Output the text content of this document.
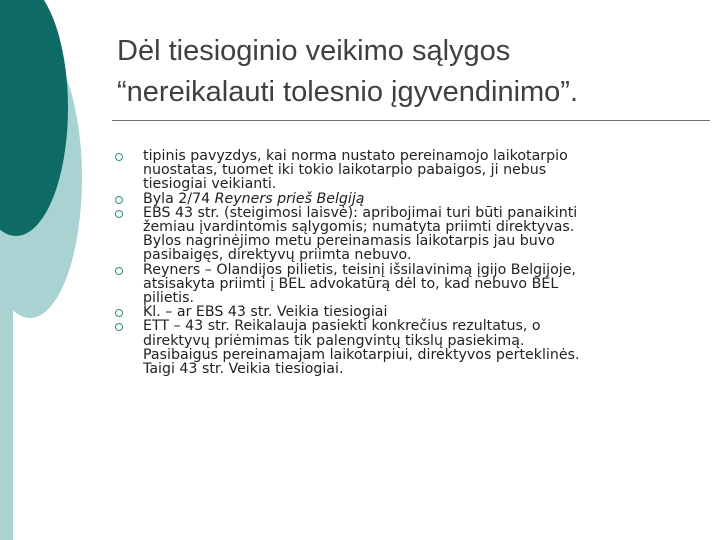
Dėl tiesioginio veikimo sąlygos
“nereikalauti tolesnio įgyvendinimo”.
tipinis pavyzdys, kai norma nustato pereinamojo laikotarpio
nuostatas, tuomet iki tokio laikotarpio pabaigos, ji nebus
tiesiogiai veikianti.
Byla 2/74 Reyners prieš Belgiją
EBS 43 str. (steigimosi laisvė): apribojimai turi būti panaikinti
žemiau įvardintomis sąlygomis; numatyta priimti direktyvas.
Bylos nagrinėjimo metu pereinamasis laikotarpis jau buvo
pasibaigęs, direktyvų priimta nebuvo.
Reyners – Olandijos pilietis, teisinį išsilavinimą įgijo Belgijoje,
atsisakyta priimti į BEL advokatūrą dėl to, kad nebuvo BEL
pilietis.
Kl. – ar EBS 43 str. Veikia tiesiogiai
ETT – 43 str. Reikalauja pasiekti konkrečius rezultatus, o
direktyvų priėmimas tik palengvintų tikslų pasiekimą.
Pasibaigus pereinamajam laikotarpiui, direktyvos perteklinės.
Taigi 43 str. Veikia tiesiogiai.
